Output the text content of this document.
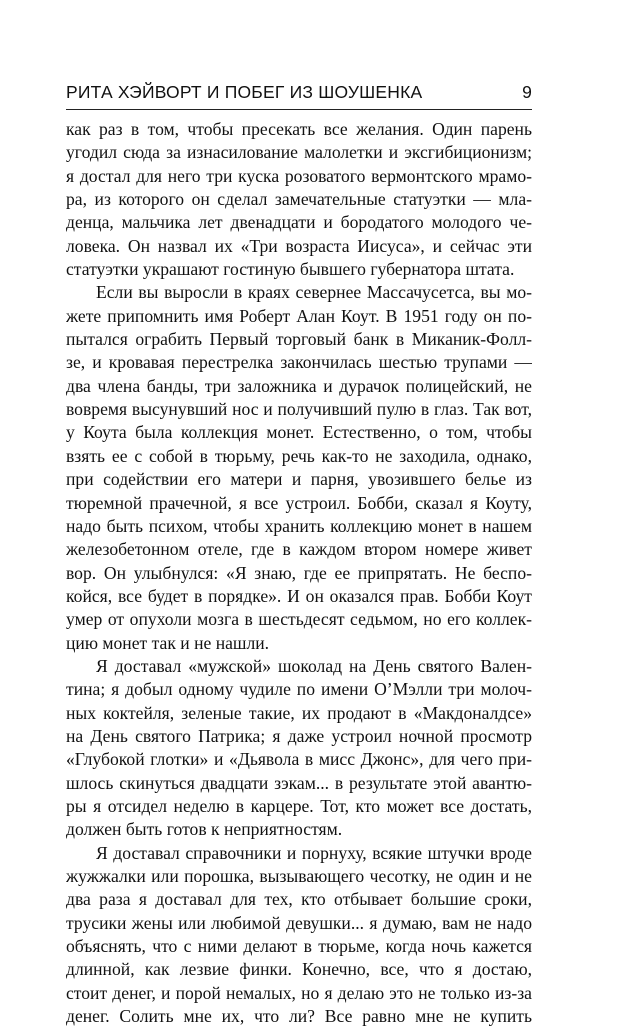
РИТА ХЭЙВОРТ И ПОБЕГ ИЗ ШОУШЕНКА	9
как раз в том, чтобы пресекать все желания. Один парень
угодил сюда за изнасилование малолетки и эксгибиционизм;
я достал для него три куска розоватого вермонтского мрамо-
ра, из которого он сделал замечательные статуэтки — мла-
денца, мальчика лет двенадцати и бородатого молодого че-
ловека. Он назвал их «Три возраста Иисуса», и сейчас эти
статуэтки украшают гостиную бывшего губернатора штата.
Если вы выросли в краях севернее Массачусетса, вы мо-
жете припомнить имя Роберт Алан Коут. В 1951 году он по-
пытался ограбить Первый торговый банк в Миканик-Фолл-
зе, и кровавая перестрелка закончилась шестью трупами —
два члена банды, три заложника и дурачок полицейский, не
вовремя высунувший нос и получивший пулю в глаз. Так вот,
у Коута была коллекция монет. Естественно, о том, чтобы
взять ее с собой в тюрьму, речь как-то не заходила, однако,
при содействии его матери и парня, увозившего белье из
тюремной прачечной, я все устроил. Бобби, сказал я Коуту,
надо быть психом, чтобы хранить коллекцию монет в нашем
железобетонном отеле, где в каждом втором номере живет
вор. Он улыбнулся: «Я знаю, где ее припрятать. Не беспо-
койся, все будет в порядке». И он оказался прав. Бобби Коут
умер от опухоли мозга в шестьдесят седьмом, но его коллек-
цию монет так и не нашли.
Я доставал «мужской» шоколад на День святого Вален-
тина; я добыл одному чудиле по имени О’Мэлли три молоч-
ных коктейля, зеленые такие, их продают в «Макдоналдсе»
на День святого Патрика; я даже устроил ночной просмотр
«Глубокой глотки» и «Дьявола в мисс Джонс», для чего при-
шлось скинуться двадцати зэкам... в результате этой авантю-
ры я отсидел неделю в карцере. Тот, кто может все достать,
должен быть готов к неприятностям.
Я доставал справочники и порнуху, всякие штучки вроде
жужжалки или порошка, вызывающего чесотку, не один и не
два раза я доставал для тех, кто отбывает большие сроки,
трусики жены или любимой девушки... я думаю, вам не надо
объяснять, что с ними делают в тюрьме, когда ночь кажется
длинной, как лезвие финки. Конечно, все, что я достаю,
стоит денег, и порой немалых, но я делаю это не только из-за
денег. Солить мне их, что ли? Все равно мне не купить
